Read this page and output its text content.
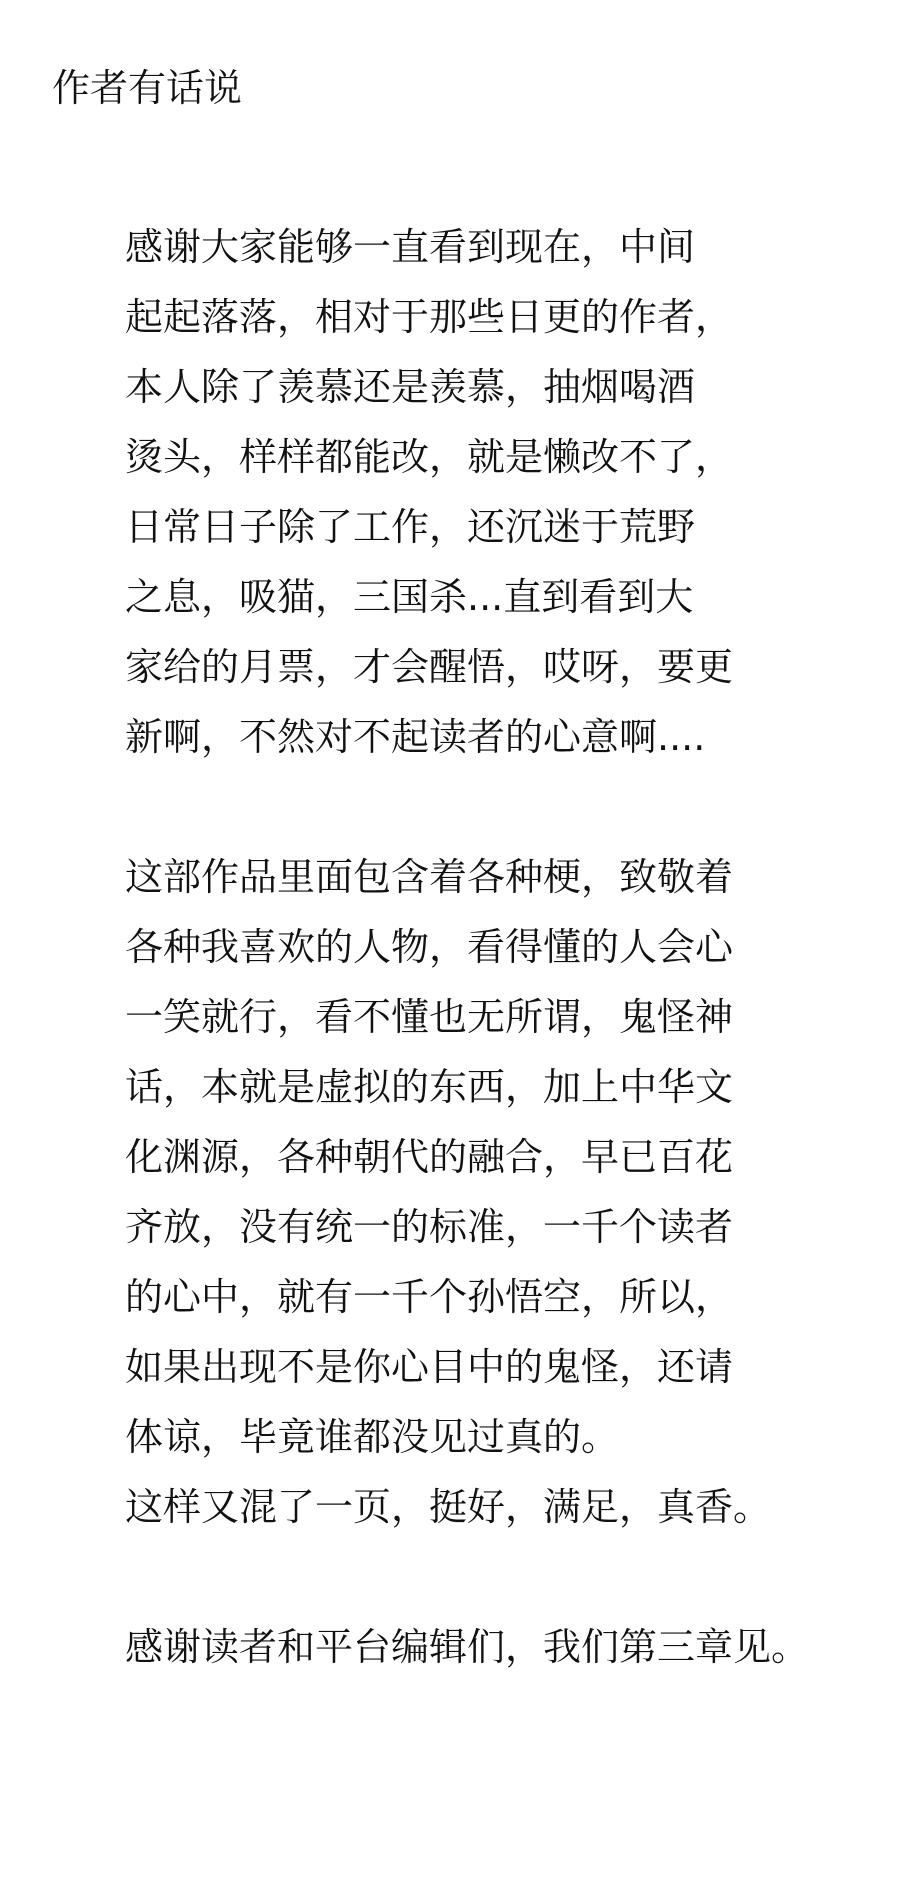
作者有话说
感谢大家能够一直看到现在，中间
起起落落，相对于那些日更的作者，
本人除了羡慕还是羡慕，抽烟喝酒
烫头，样样都能改，就是懒改不了，
日常日子除了工作，还沉迷于荒野
之息，吸猫，三国杀...直到看到大
家给的月票，才会醒悟，哎呀，要更
新啊，不然对不起读者的心意啊....
这部作品里面包含着各种梗，致敬着
各种我喜欢的人物，看得懂的人会心
一笑就行，看不懂也无所谓，鬼怪神
话，本就是虚拟的东西，加上中华文
化渊源，各种朝代的融合，早已百花
齐放，没有统一的标准，一千个读者
的心中，就有一千个孙悟空，所以，
如果出现不是你心目中的鬼怪，还请
体谅，毕竟谁都没见过真的。
这样又混了一页，挺好，满足，真香。
感谢读者和平台编辑们，我们第三章见。
